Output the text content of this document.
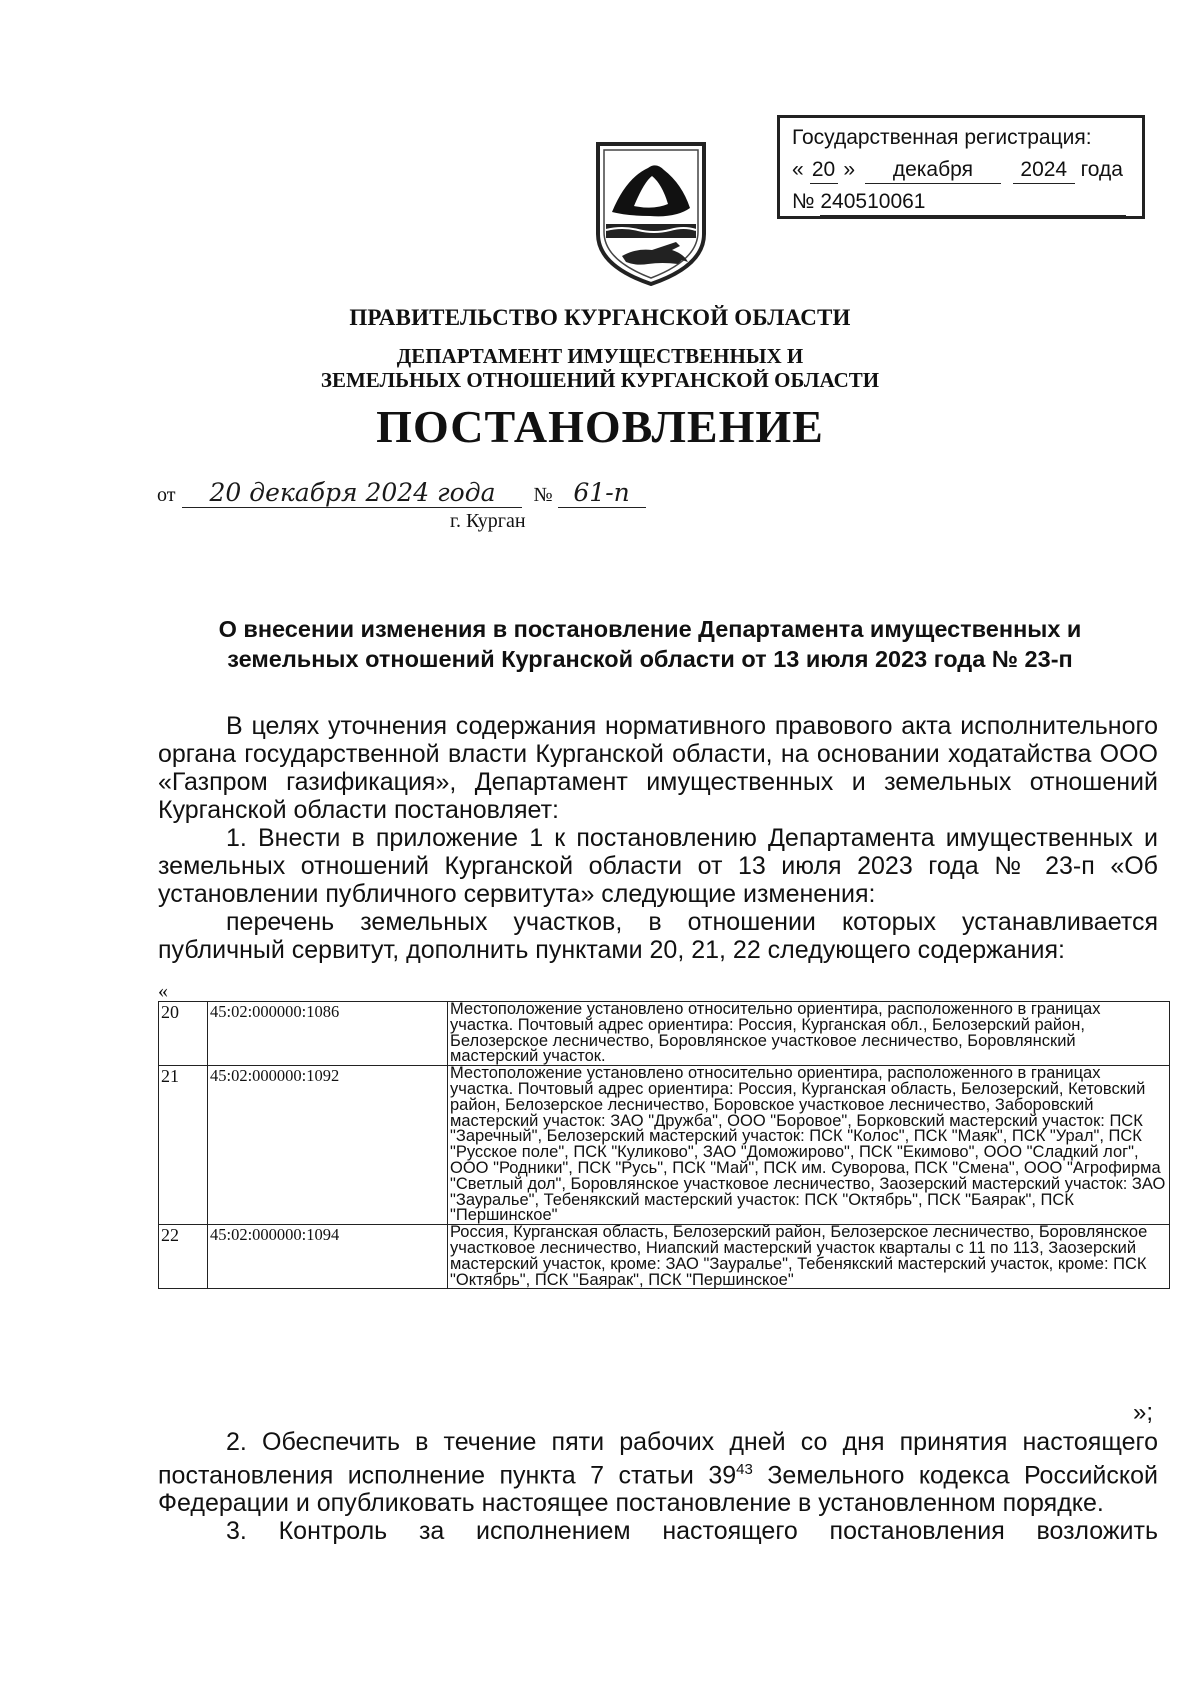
Государственная регистрация:
« 20 » декабря 2024 года
№ 240510061
ПРАВИТЕЛЬСТВО КУРГАНСКОЙ ОБЛАСТИ
ДЕПАРТАМЕНТ ИМУЩЕСТВЕННЫХ И
ЗЕМЕЛЬНЫХ ОТНОШЕНИЙ КУРГАНСКОЙ ОБЛАСТИ
ПОСТАНОВЛЕНИЕ
от 20 декабря 2024 года № 61-п
г. Курган
О внесении изменения в постановление Департамента имущественных и
земельных отношений Курганской области от 13 июля 2023 года № 23-п

В целях уточнения содержания нормативного правового акта исполнительного органа государственной власти Курганской области, на основании ходатайства ООО «Газпром газификация», Департамент имущественных и земельных отношений Курганской области постановляет:

1. Внести в приложение 1 к постановлению Департамента имущественных и земельных отношений Курганской области от 13 июля 2023 года № 23-п «Об установлении публичного сервитута» следующие изменения:

перечень земельных участков, в отношении которых устанавливается публичный сервитут, дополнить пунктами 20, 21, 22 следующего содержания:

«
20	45:02:000000:1086	Местоположение установлено относительно ориентира, расположенного в границах участка. Почтовый адрес ориентира: Россия, Курганская обл., Белозерский район, Белозерское лесничество, Боровлянское участковое лесничество, Боровлянский мастерский участок.
21	45:02:000000:1092	Местоположение установлено относительно ориентира, расположенного в границах участка. Почтовый адрес ориентира: Россия, Курганская область, Белозерский, Кетовский район, Белозерское лесничество, Боровское участковое лесничество, Заборовский мастерский участок: ЗАО "Дружба", ООО "Боровое", Борковский мастерский участок: ПСК "Заречный", Белозерский мастерский участок: ПСК "Колос", ПСК "Маяк", ПСК "Урал", ПСК "Русское поле", ПСК "Куликово", ЗАО "Доможирово", ПСК "Екимово", ООО "Сладкий лог", ООО "Родники", ПСК "Русь", ПСК "Май", ПСК им. Суворова, ПСК "Смена", ООО "Агрофирма "Светлый дол", Боровлянское участковое лесничество, Заозерский мастерский участок: ЗАО "Зауралье", Тебенякский мастерский участок: ПСК "Октябрь", ПСК "Баярак", ПСК "Першинское"
22	45:02:000000:1094	Россия, Курганская область, Белозерский район, Белозерское лесничество, Боровлянское участковое лесничество, Ниапский мастерский участок кварталы с 11 по 113, Заозерский мастерский участок, кроме: ЗАО "Зауралье", Тебенякский мастерский участок, кроме: ПСК "Октябрь", ПСК "Баярак", ПСК "Першинское"
»;

2. Обеспечить в течение пяти рабочих дней со дня принятия настоящего постановления исполнение пункта 7 статьи $39^{43}$ Земельного кодекса Российской Федерации и опубликовать настоящее постановление в установленном порядке.

3. Контроль за исполнением настоящего постановления возложить
